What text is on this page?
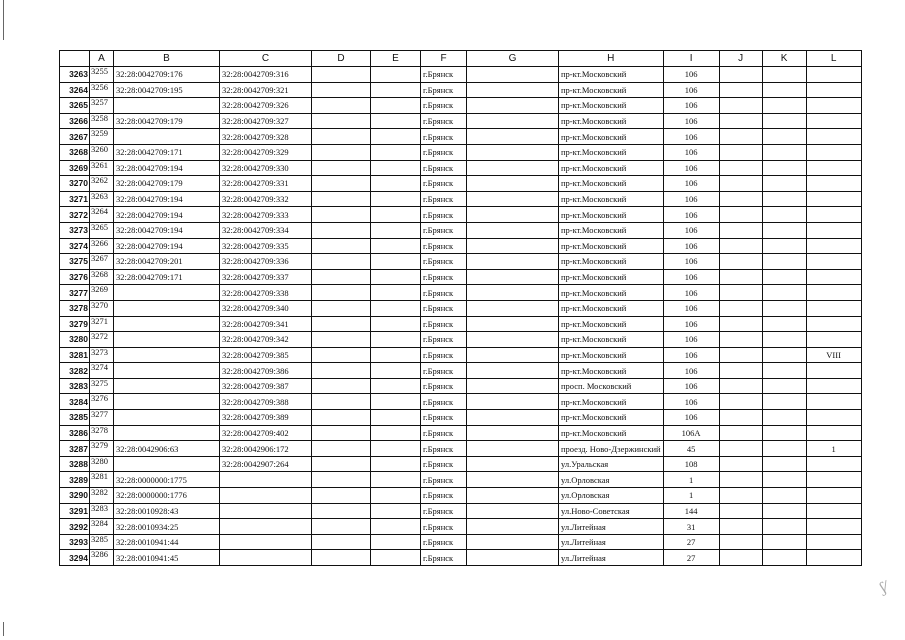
	A	B	C	D	E	F	G	H	I	J	K	L
3263	3255	32:28:0042709:176	32:28:0042709:316			г.Брянск		пр-кт.Московский	106			
3264	3256	32:28:0042709:195	32:28:0042709:321			г.Брянск		пр-кт.Московский	106			
3265	3257		32:28:0042709:326			г.Брянск		пр-кт.Московский	106			
3266	3258	32:28:0042709:179	32:28:0042709:327			г.Брянск		пр-кт.Московский	106			
3267	3259		32:28:0042709:328			г.Брянск		пр-кт.Московский	106			
3268	3260	32:28:0042709:171	32:28:0042709:329			г.Брянск		пр-кт.Московский	106			
3269	3261	32:28:0042709:194	32:28:0042709:330			г.Брянск		пр-кт.Московский	106			
3270	3262	32:28:0042709:179	32:28:0042709:331			г.Брянск		пр-кт.Московский	106			
3271	3263	32:28:0042709:194	32:28:0042709:332			г.Брянск		пр-кт.Московский	106			
3272	3264	32:28:0042709:194	32:28:0042709:333			г.Брянск		пр-кт.Московский	106			
3273	3265	32:28:0042709:194	32:28:0042709:334			г.Брянск		пр-кт.Московский	106			
3274	3266	32:28:0042709:194	32:28:0042709:335			г.Брянск		пр-кт.Московский	106			
3275	3267	32:28:0042709:201	32:28:0042709:336			г.Брянск		пр-кт.Московский	106			
3276	3268	32:28:0042709:171	32:28:0042709:337			г.Брянск		пр-кт.Московский	106			
3277	3269		32:28:0042709:338			г.Брянск		пр-кт.Московский	106			
3278	3270		32:28:0042709:340			г.Брянск		пр-кт.Московский	106			
3279	3271		32:28:0042709:341			г.Брянск		пр-кт.Московский	106			
3280	3272		32:28:0042709:342			г.Брянск		пр-кт.Московский	106			
3281	3273		32:28:0042709:385			г.Брянск		пр-кт.Московский	106			VIII
3282	3274		32:28:0042709:386			г.Брянск		пр-кт.Московский	106			
3283	3275		32:28:0042709:387			г.Брянск		просп. Московский	106			
3284	3276		32:28:0042709:388			г.Брянск		пр-кт.Московский	106			
3285	3277		32:28:0042709:389			г.Брянск		пр-кт.Московский	106			
3286	3278		32:28:0042709:402			г.Брянск		пр-кт.Московский	106А			
3287	3279	32:28:0042906:63	32:28:0042906:172			г.Брянск		проезд. Ново-Дзержинский	45			1
3288	3280		32:28:0042907:264			г.Брянск		ул.Уральская	108			
3289	3281	32:28:0000000:1775				г.Брянск		ул.Орловская	1			
3290	3282	32:28:0000000:1776				г.Брянск		ул.Орловская	1			
3291	3283	32:28:0010928:43				г.Брянск		ул.Ново-Советская	144			
3292	3284	32:28:0010934:25				г.Брянск		ул.Литейная	31			
3293	3285	32:28:0010941:44				г.Брянск		ул.Литейная	27			
3294	3286	32:28:0010941:45				г.Брянск		ул.Литейная	27			
ʃ⁄
